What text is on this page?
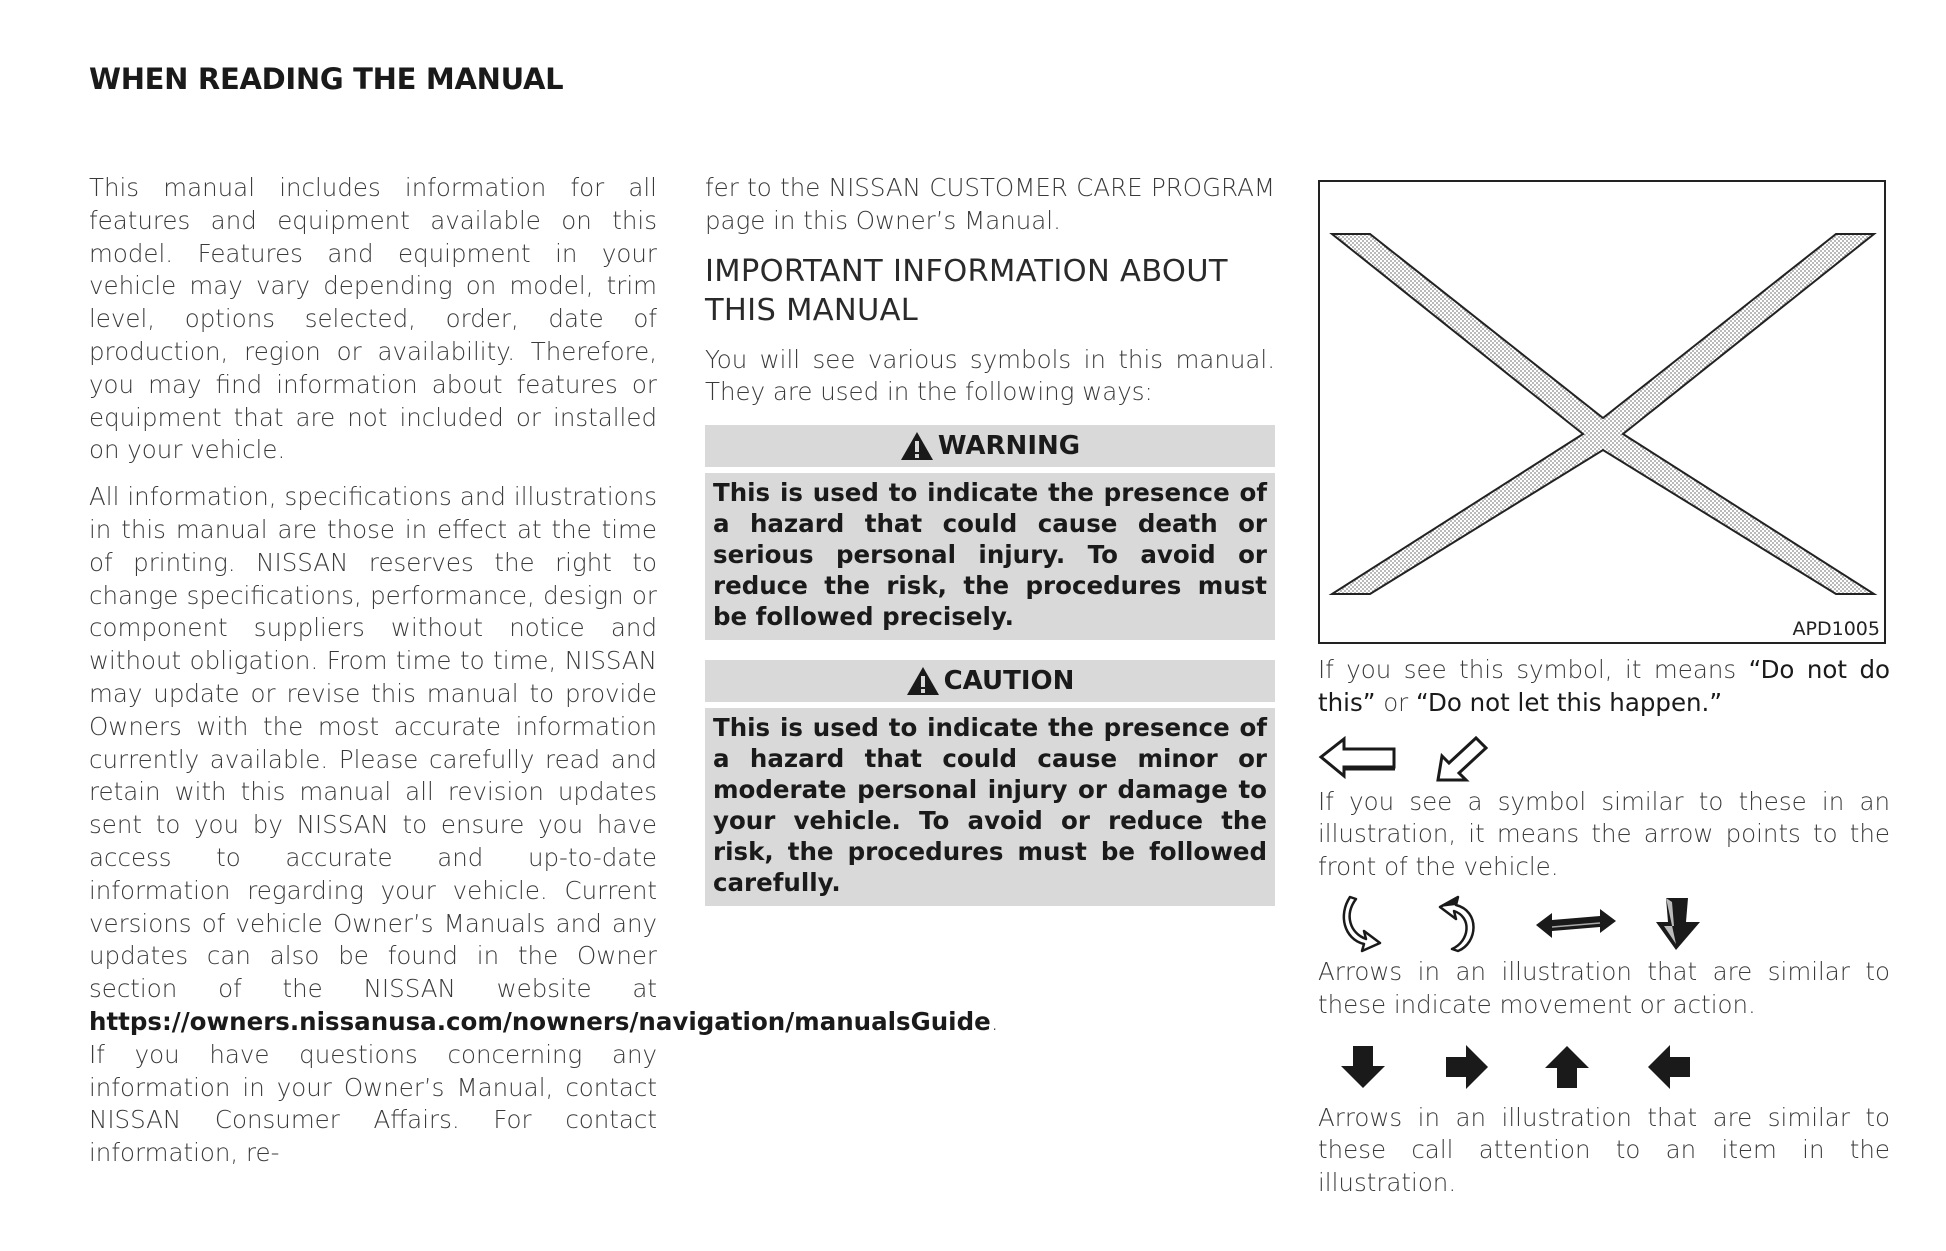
WHEN READING THE MANUAL

This manual includes information for all features and equipment available on this model. Features and equipment in your vehicle may vary depending on model, trim level, options selected, order, date of production, region or availability. Therefore, you may find information about features or equipment that are not included or installed on your vehicle.

All information, specifications and illustrations in this manual are those in effect at the time of printing. NISSAN reserves the right to change specifications, performance, design or component suppliers without notice and without obligation. From time to time, NISSAN may update or revise this manual to provide Owners with the most accurate information currently available. Please carefully read and retain with this manual all revision updates sent to you by NISSAN to ensure you have access to accurate and up-to-date information regarding your vehicle. Current versions of vehicle Owner’s Manuals and any updates can also be found in the Owner section of the NISSAN website at https://owners.nissanusa.com/nowners/navigation/manualsGuide. If you have questions concerning any information in your Owner’s Manual, contact NISSAN Consumer Affairs. For contact information, re-

fer to the NISSAN CUSTOMER CARE PROGRAM page in this Owner’s Manual.

IMPORTANT INFORMATION ABOUT THIS MANUAL

You will see various symbols in this manual. They are used in the following ways:

WARNING
This is used to indicate the presence of a hazard that could cause death or serious personal injury. To avoid or reduce the risk, the procedures must be followed precisely.
CAUTION
This is used to indicate the presence of a hazard that could cause minor or moderate personal injury or damage to your vehicle. To avoid or reduce the risk, the procedures must be followed carefully.
APD1005

If you see this symbol, it means “Do not do this” or “Do not let this happen.”

If you see a symbol similar to these in an illustration, it means the arrow points to the front of the vehicle.

Arrows in an illustration that are similar to these indicate movement or action.

Arrows in an illustration that are similar to these call attention to an item in the illustration.
